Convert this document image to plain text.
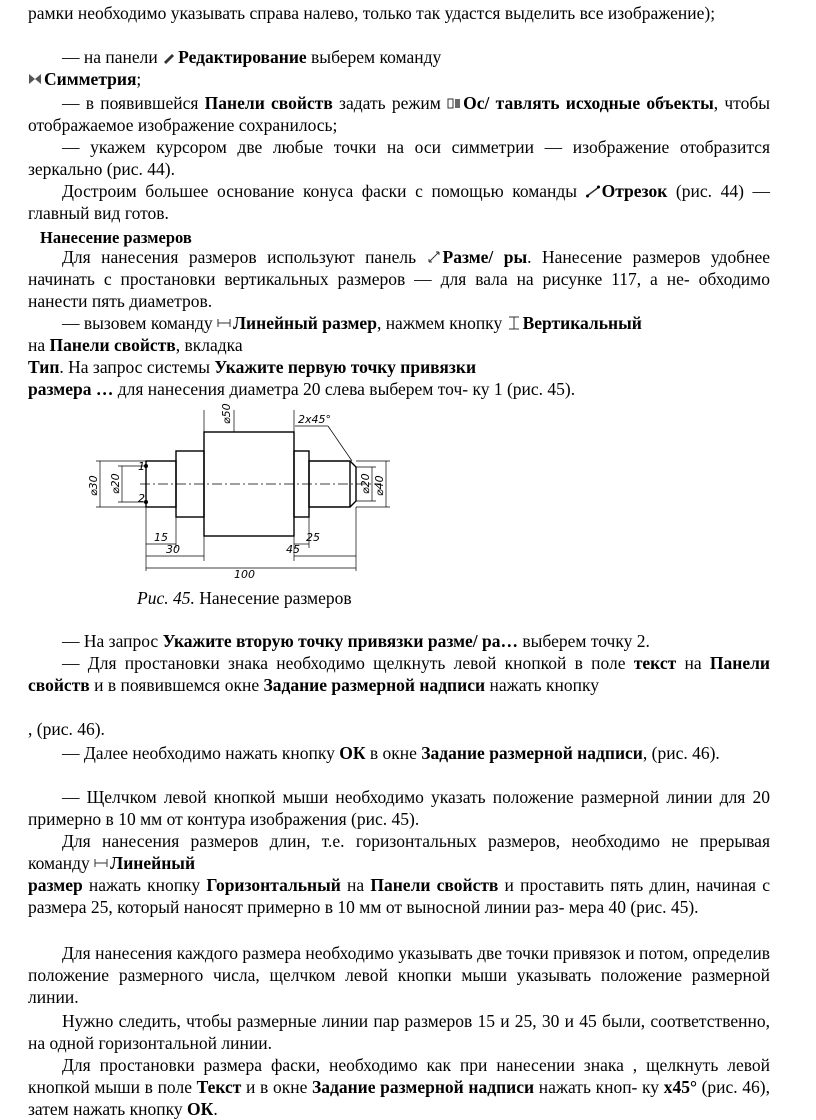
рамки необходимо указывать справа налево, только так удастся выделить все изображение);

— на панели Редактирование выберем команду

Симметрия;

— в появившейся Панели свойств задать режим Ос/ тавлять исходные объекты, чтобы отображаемое изображение сохранилось;

— укажем курсором две любые точки на оси симметрии — изображение отобразится зеркально (рис. 44).

Достроим большее основание конуса фаски с помощью команды Отрезок (рис. 44) — главный вид готов.

Нанесение размеров

Для нанесения размеров используют панель Разме/ ры. Нанесение размеров удобнее начинать с простановки вертикальных размеров — для вала на рисунке 117, а не- обходимо нанести пять диаметров.

— вызовем команду Линейный размер, нажмем кнопку Вертикальный

на Панели свойств, вкладка

Тип. На запрос системы Укажите первую точку привязки

размера … для нанесения диаметра 20 слева выберем точ- ку 1 (рис. 45).

⌀50	2x45°
⌀30 ⌀20	⌀20 ⌀40
1
2
15
30
25
45
100
Рис. 45. Нанесение размеров

— На запрос Укажите вторую точку привязки разме/ ра… выберем точку 2.

— Для простановки знака необходимо щелкнуть левой кнопкой в поле текст на Панели свойств и в появившемся окне Задание размерной надписи нажать кнопку

, (рис. 46).

— Далее необходимо нажать кнопку ОК в окне Задание размерной надписи, (рис. 46).

— Щелчком левой кнопкой мыши необходимо указать положение размерной линии для 20 примерно в 10 мм от контура изображения (рис. 45).

Для нанесения размеров длин, т.е. горизонтальных размеров, необходимо не прерывая команду Линейный

размер нажать кнопку Горизонтальный на Панели свойств и проставить пять длин, начиная с размера 25, который наносят примерно в 10 мм от выносной линии раз- мера 40 (рис. 45).

Для нанесения каждого размера необходимо указывать две точки привязок и потом, определив положение размерного числа, щелчком левой кнопки мыши указывать положение размерной линии.

Нужно следить, чтобы размерные линии пар размеров 15 и 25, 30 и 45 были, соответственно, на одной горизонтальной линии.

Для простановки размера фаски, необходимо как при нанесении знака , щелкнуть левой кнопкой мыши в поле Текст и в окне Задание размерной надписи нажать кноп- ку x45° (рис. 46), затем нажать кнопку ОК.
